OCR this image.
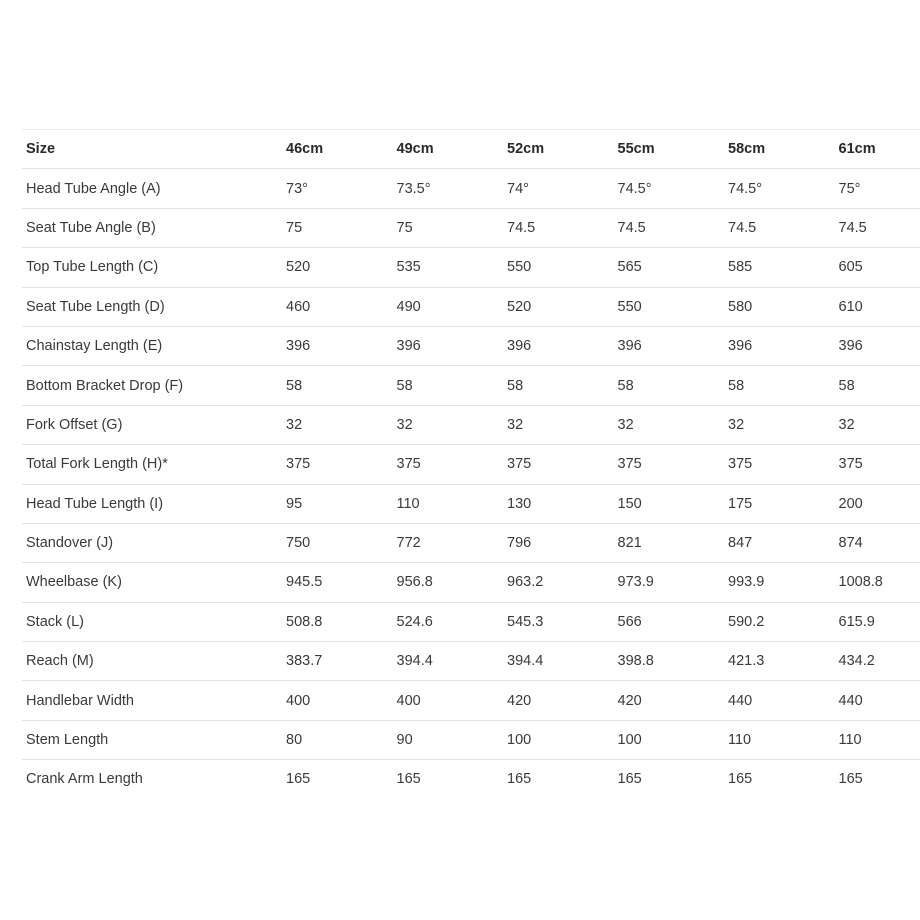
Size	46cm	49cm	52cm	55cm	58cm	61cm
Head Tube Angle (A)	73°	73.5°	74°	74.5°	74.5°	75°
Seat Tube Angle (B)	75	75	74.5	74.5	74.5	74.5
Top Tube Length (C)	520	535	550	565	585	605
Seat Tube Length (D)	460	490	520	550	580	610
Chainstay Length (E)	396	396	396	396	396	396
Bottom Bracket Drop (F)	58	58	58	58	58	58
Fork Offset (G)	32	32	32	32	32	32
Total Fork Length (H)*	375	375	375	375	375	375
Head Tube Length (I)	95	110	130	150	175	200
Standover (J)	750	772	796	821	847	874
Wheelbase (K)	945.5	956.8	963.2	973.9	993.9	1008.8
Stack (L)	508.8	524.6	545.3	566	590.2	615.9
Reach (M)	383.7	394.4	394.4	398.8	421.3	434.2
Handlebar Width	400	400	420	420	440	440
Stem Length	80	90	100	100	110	110
Crank Arm Length	165	165	165	165	165	165
